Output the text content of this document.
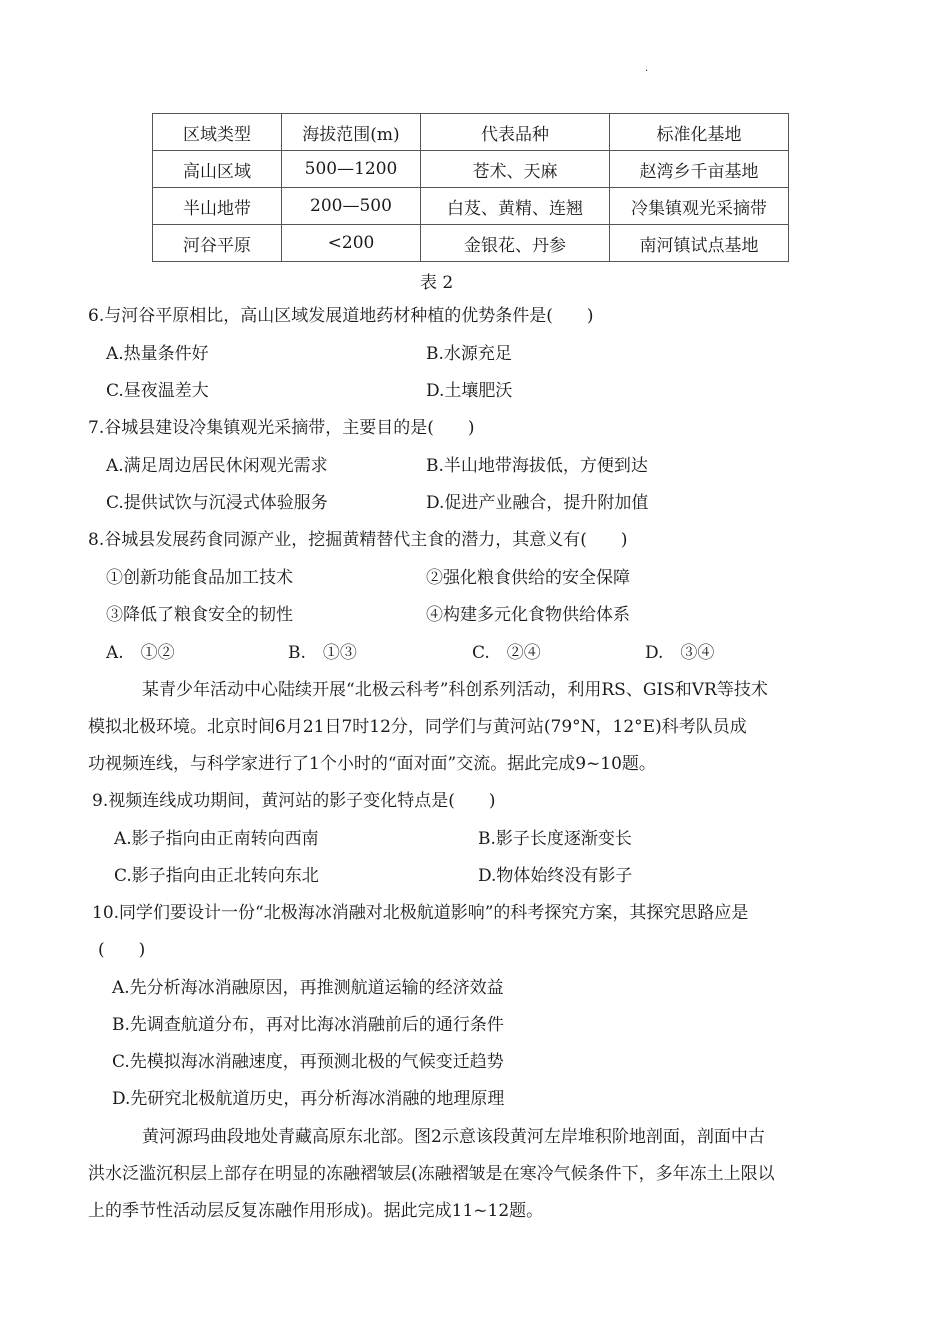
·
区域类型	海拔范围(m)	代表品种	标准化基地
高山区域	500—1200	苍术、天麻	赵湾乡千亩基地
半山地带	200—500	白芨、黄精、连翘	冷集镇观光采摘带
河谷平原	<200	金银花、丹参	南河镇试点基地
表 2
6.与河谷平原相比，高山区域发展道地药材种植的优势条件是(　　)
A.热量条件好	B.水源充足
C.昼夜温差大	D.土壤肥沃
7.谷城县建设冷集镇观光采摘带，主要目的是(　　)
A.满足周边居民休闲观光需求	B.半山地带海拔低，方便到达
C.提供试饮与沉浸式体验服务	D.促进产业融合，提升附加值
8.谷城县发展药食同源产业，挖掘黄精替代主食的潜力，其意义有(　　)
①创新功能食品加工技术	②强化粮食供给的安全保障
③降低了粮食安全的韧性	④构建多元化食物供给体系
A.　①②	B.　①③	C.　②④	D.　③④
某青少年活动中心陆续开展“北极云科考”科创系列活动，利用RS、GIS和VR等技术
模拟北极环境。北京时间6月21日7时12分，同学们与黄河站(79°N，12°E)科考队员成
功视频连线，与科学家进行了1个小时的“面对面”交流。据此完成9~10题。
9.视频连线成功期间，黄河站的影子变化特点是(　　)
A.影子指向由正南转向西南	B.影子长度逐渐变长
C.影子指向由正北转向东北	D.物体始终没有影子
10.同学们要设计一份“北极海冰消融对北极航道影响”的科考探究方案，其探究思路应是
(　　)
A.先分析海冰消融原因，再推测航道运输的经济效益
B.先调查航道分布，再对比海冰消融前后的通行条件
C.先模拟海冰消融速度，再预测北极的气候变迁趋势
D.先研究北极航道历史，再分析海冰消融的地理原理
黄河源玛曲段地处青藏高原东北部。图2示意该段黄河左岸堆积阶地剖面，剖面中古
洪水泛滥沉积层上部存在明显的冻融褶皱层(冻融褶皱是在寒冷气候条件下，多年冻土上限以
上的季节性活动层反复冻融作用形成)。据此完成11~12题。
